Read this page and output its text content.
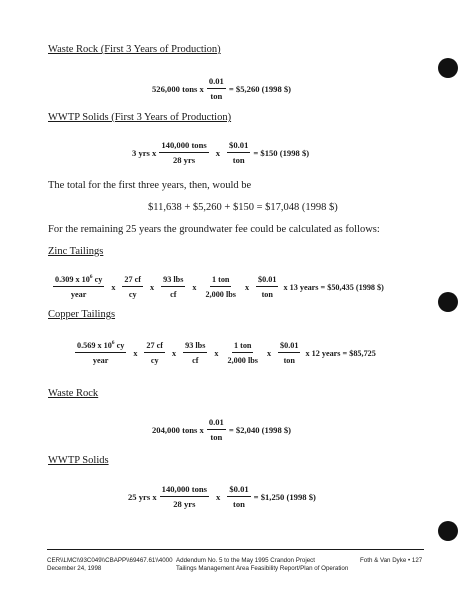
Waste Rock (First 3 Years of Production)
526,000 tons x $\frac{0.01}{\text{ton}}$ = $5,260 (1998 $)
WWTP Solids (First 3 Years of Production)
3 yrs x $\frac{\text{140,000 tons}}{\text{28 yrs}}$ x $\frac{\$0.01}{\text{ton}}$ = $150 (1998 $)
The total for the first three years, then, would be
$11,638 + $5,260 + $150 = $17,048 (1998 $)
For the remaining 25 years the groundwater fee could be calculated as follows:
Zinc Tailings
$\frac{0.309 x 10^6 cy}{\text{year}}$ x $\frac{27 cf}{cy}$ x $\frac{\text{93 lbs}}{cf}$ x $\frac{\text{1 ton}}{\text{2,000 lbs}}$ x $\frac{\$0.01}{\text{ton}}$ x 13 years = $50,435 (1998 $)
Copper Tailings
$\frac{0.569 x 10^6 cy}{\text{year}}$ x $\frac{27 cf}{cy}$ x $\frac{\text{93 lbs}}{cf}$ x $\frac{\text{1 ton}}{\text{2,000 lbs}}$ x $\frac{\$0.01}{\text{ton}}$ x 12 years = $85,725
Waste Rock
204,000 tons x $\frac{0.01}{\text{ton}}$ = $2,040 (1998 $)
WWTP Solids
25 yrs x $\frac{\text{140,000 tons}}{\text{28 yrs}}$ x $\frac{\$0.01}{\text{ton}}$ = $1,250 (1998 $)
CER\\LMC\\93C049\\CBAPP\\69467.61\\4000
December 24, 1998
Addendum No. 5 to the May 1995 Crandon Project
Tailings Management Area Feasibility Report/Plan of Operation
Foth & Van Dyke • 127
